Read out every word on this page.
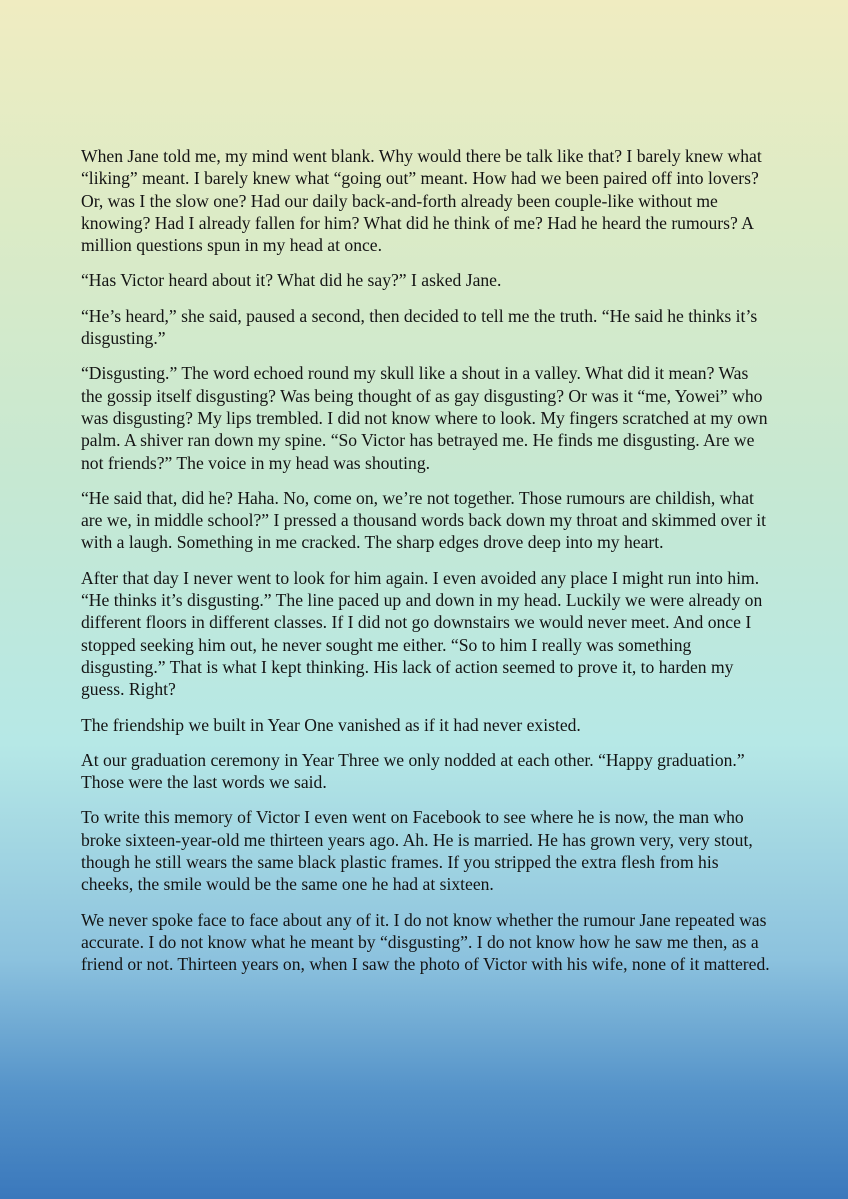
When Jane told me, my mind went blank. Why would there be talk like that? I barely knew what “liking” meant. I barely knew what “going out” meant. How had we been paired off into lovers? Or, was I the slow one? Had our daily back-and-forth already been couple-like without me knowing? Had I already fallen for him? What did he think of me? Had he heard the rumours? A million questions spun in my head at once.

“Has Victor heard about it? What did he say?” I asked Jane.

“He’s heard,” she said, paused a second, then decided to tell me the truth. “He said he thinks it’s disgusting.”

“Disgusting.” The word echoed round my skull like a shout in a valley. What did it mean? Was the gossip itself disgusting? Was being thought of as gay disgusting? Or was it “me, Yowei” who was disgusting? My lips trembled. I did not know where to look. My fingers scratched at my own palm. A shiver ran down my spine. “So Victor has betrayed me. He finds me disgusting. Are we not friends?” The voice in my head was shouting.

“He said that, did he? Haha. No, come on, we’re not together. Those rumours are childish, what are we, in middle school?” I pressed a thousand words back down my throat and skimmed over it with a laugh. Something in me cracked. The sharp edges drove deep into my heart.

After that day I never went to look for him again. I even avoided any place I might run into him. “He thinks it’s disgusting.” The line paced up and down in my head. Luckily we were already on different floors in different classes. If I did not go downstairs we would never meet. And once I stopped seeking him out, he never sought me either. “So to him I really was something disgusting.” That is what I kept thinking. His lack of action seemed to prove it, to harden my guess. Right?

The friendship we built in Year One vanished as if it had never existed.

At our graduation ceremony in Year Three we only nodded at each other. “Happy graduation.” Those were the last words we said.

To write this memory of Victor I even went on Facebook to see where he is now, the man who broke sixteen-year-old me thirteen years ago. Ah. He is married. He has grown very, very stout, though he still wears the same black plastic frames. If you stripped the extra flesh from his cheeks, the smile would be the same one he had at sixteen.

We never spoke face to face about any of it. I do not know whether the rumour Jane repeated was accurate. I do not know what he meant by “disgusting”. I do not know how he saw me then, as a friend or not. Thirteen years on, when I saw the photo of Victor with his wife, none of it mattered.
